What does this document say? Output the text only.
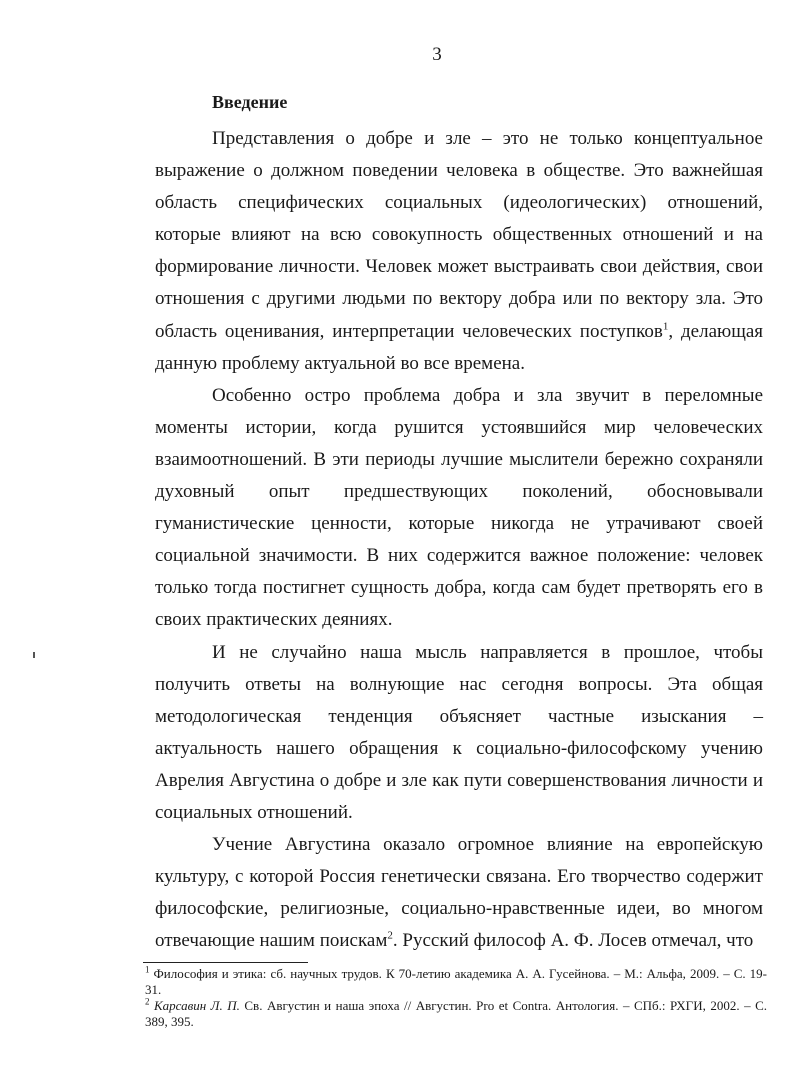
3
Введение

Представления о добре и зле – это не только концептуальное выражение о должном поведении человека в обществе. Это важнейшая область специфических социальных (идеологических) отношений, которые влияют на всю совокупность общественных отношений и на формирование личности. Человек может выстраивать свои действия, свои отношения с другими людьми по вектору добра или по вектору зла. Это область оценивания, интерпретации человеческих поступков$^1$, делающая данную проблему актуальной во все времена.

Особенно остро проблема добра и зла звучит в переломные моменты истории, когда рушится устоявшийся мир человеческих взаимоотношений. В эти периоды лучшие мыслители бережно сохраняли духовный опыт предшествующих поколений, обосновывали гуманистические ценности, которые никогда не утрачивают своей социальной значимости. В них содержится важное положение: человек только тогда постигнет сущность добра, когда сам будет претворять его в своих практических деяниях.

И не случайно наша мысль направляется в прошлое, чтобы получить ответы на волнующие нас сегодня вопросы. Эта общая методологическая тенденция объясняет частные изыскания – актуальность нашего обращения к социально-философскому учению Аврелия Августина о добре и зле как пути совершенствования личности и социальных отношений.

Учение Августина оказало огромное влияние на европейскую культуру, с которой Россия генетически связана. Его творчество содержит философские, религиозные, социально-нравственные идеи, во многом отвечающие нашим поискам$^2$. Русский философ А. Ф. Лосев отмечал, что

$^1$ Философия и этика: сб. научных трудов. К 70-летию академика А. А. Гусейнова. – М.: Альфа, 2009. – С. 19-31.

$^2$ Карсавин Л. П. Св. Августин и наша эпоха // Августин. Pro et Contra. Антология. – СПб.: РХГИ, 2002. – С. 389, 395.
